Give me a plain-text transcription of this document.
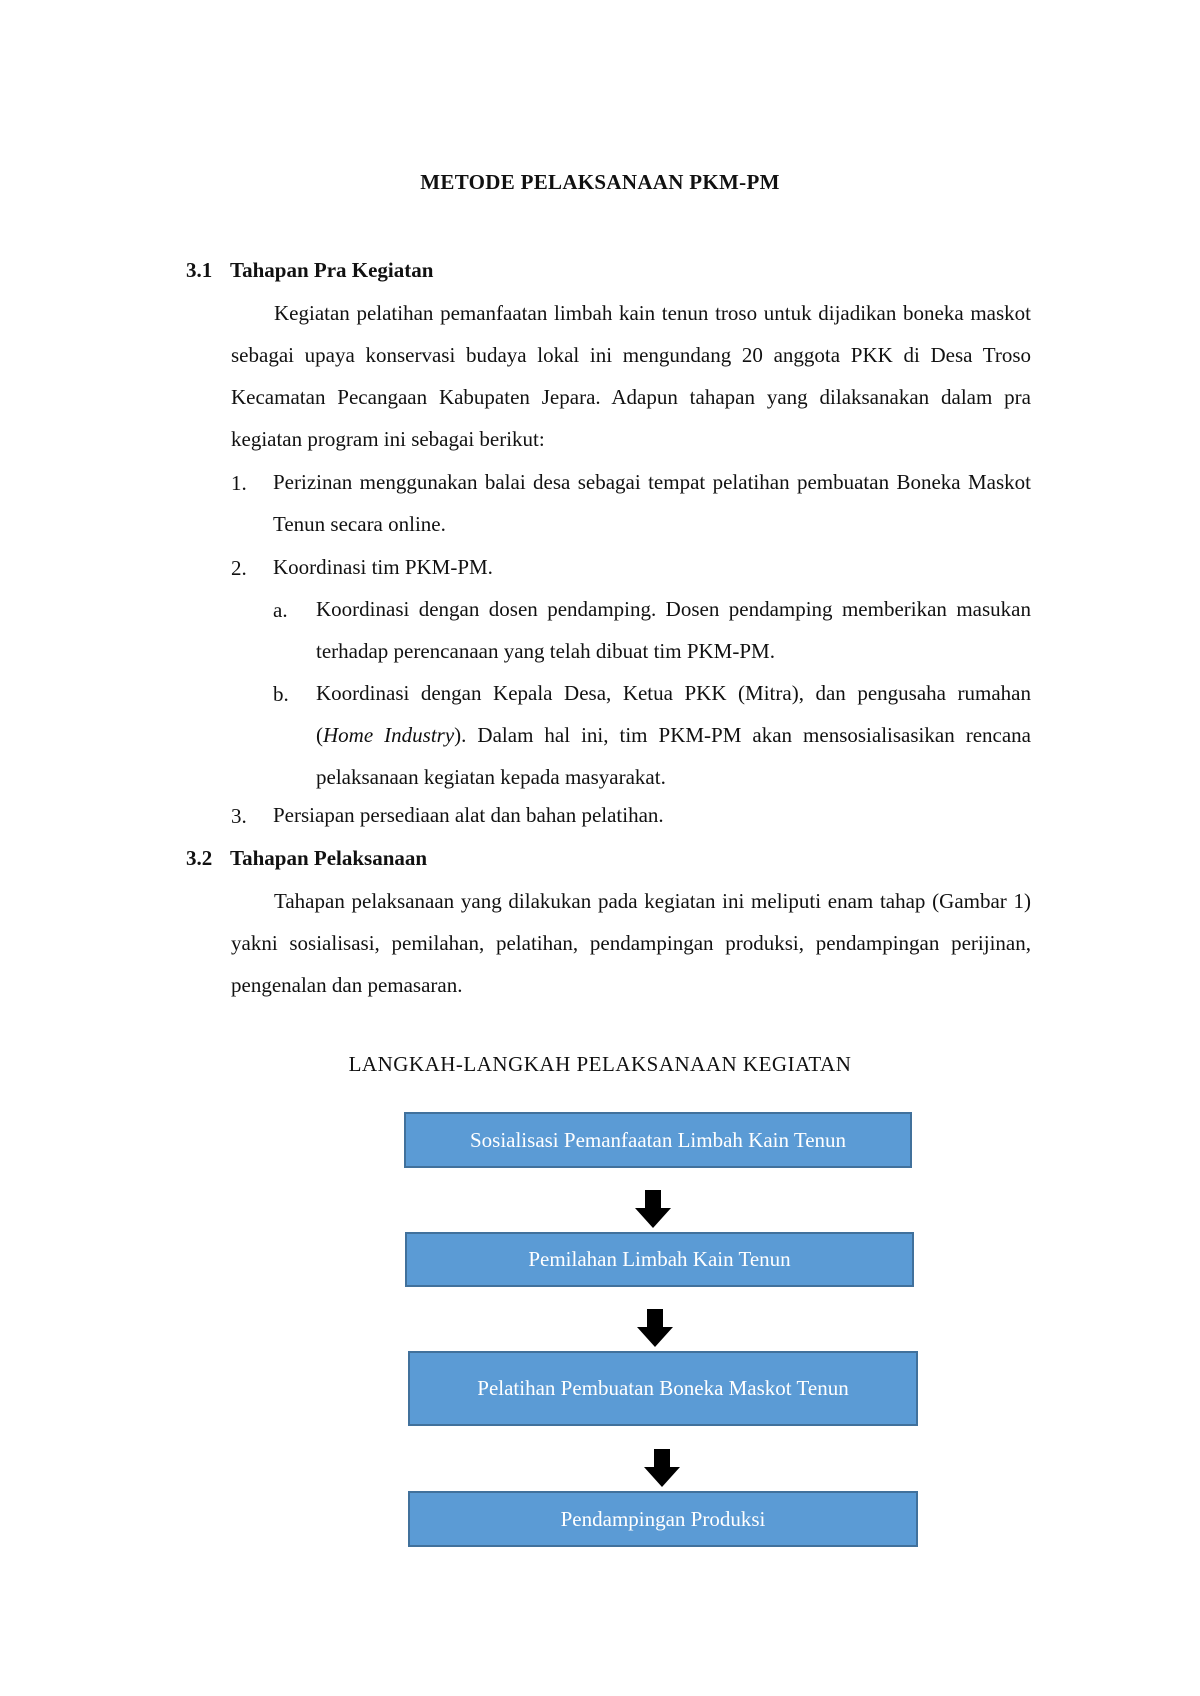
METODE PELAKSANAAN PKM-PM
3.1 Tahapan Pra Kegiatan
Kegiatan pelatihan pemanfaatan limbah kain tenun troso untuk dijadikan boneka maskot sebagai upaya konservasi budaya lokal ini mengundang 20 anggota PKK di Desa Troso Kecamatan Pecangaan Kabupaten Jepara. Adapun tahapan yang dilaksanakan dalam pra kegiatan program ini sebagai berikut:
1. Perizinan menggunakan balai desa sebagai tempat pelatihan pembuatan Boneka Maskot Tenun secara online.
2. Koordinasi tim PKM-PM.
a. Koordinasi dengan dosen pendamping. Dosen pendamping memberikan masukan terhadap perencanaan yang telah dibuat tim PKM-PM.
b. Koordinasi dengan Kepala Desa, Ketua PKK (Mitra), dan pengusaha rumahan (Home Industry). Dalam hal ini, tim PKM-PM akan mensosialisasikan rencana pelaksanaan kegiatan kepada masyarakat.
3. Persiapan persediaan alat dan bahan pelatihan.
3.2 Tahapan Pelaksanaan
Tahapan pelaksanaan yang dilakukan pada kegiatan ini meliputi enam tahap (Gambar 1) yakni sosialisasi, pemilahan, pelatihan, pendampingan produksi, pendampingan perijinan, pengenalan dan pemasaran.
LANGKAH-LANGKAH PELAKSANAAN KEGIATAN
Sosialisasi Pemanfaatan Limbah Kain Tenun
Pemilahan Limbah Kain Tenun
Pelatihan Pembuatan Boneka Maskot Tenun
Pendampingan Produksi
